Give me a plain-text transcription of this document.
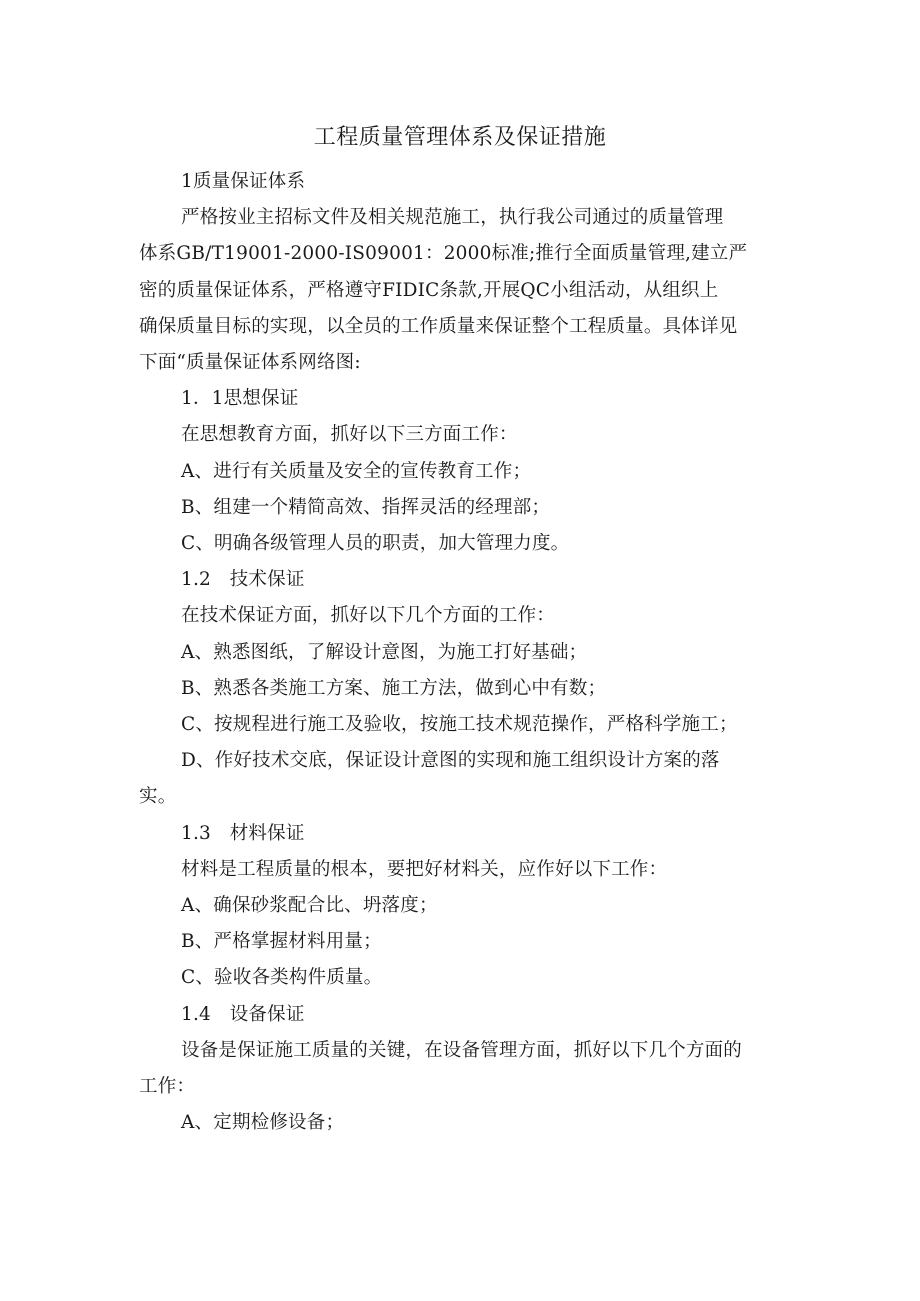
工程质量管理体系及保证措施

1质量保证体系

严格按业主招标文件及相关规范施工，执行我公司通过的质量管理

体系GB/T19001-2000-IS09001：2000标准;推行全面质量管理,建立严

密的质量保证体系，严格遵守FIDIC条款,开展QC小组活动，从组织上

确保质量目标的实现，以全员的工作质量来保证整个工程质量。具体详见

下面“质量保证体系网络图:

1．1思想保证

在思想教育方面，抓好以下三方面工作：

A、进行有关质量及安全的宣传教育工作；

B、组建一个精简高效、指挥灵活的经理部；

C、明确各级管理人员的职责，加大管理力度。

1.2　技术保证

在技术保证方面，抓好以下几个方面的工作：

A、熟悉图纸，了解设计意图，为施工打好基础；

B、熟悉各类施工方案、施工方法，做到心中有数；

C、按规程进行施工及验收，按施工技术规范操作，严格科学施工；

D、作好技术交底，保证设计意图的实现和施工组织设计方案的落

实。

1.3　材料保证

材料是工程质量的根本，要把好材料关，应作好以下工作：

A、确保砂浆配合比、坍落度；

B、严格掌握材料用量；

C、验收各类构件质量。

1.4　设备保证

设备是保证施工质量的关键，在设备管理方面，抓好以下几个方面的

工作：

A、定期检修设备；
